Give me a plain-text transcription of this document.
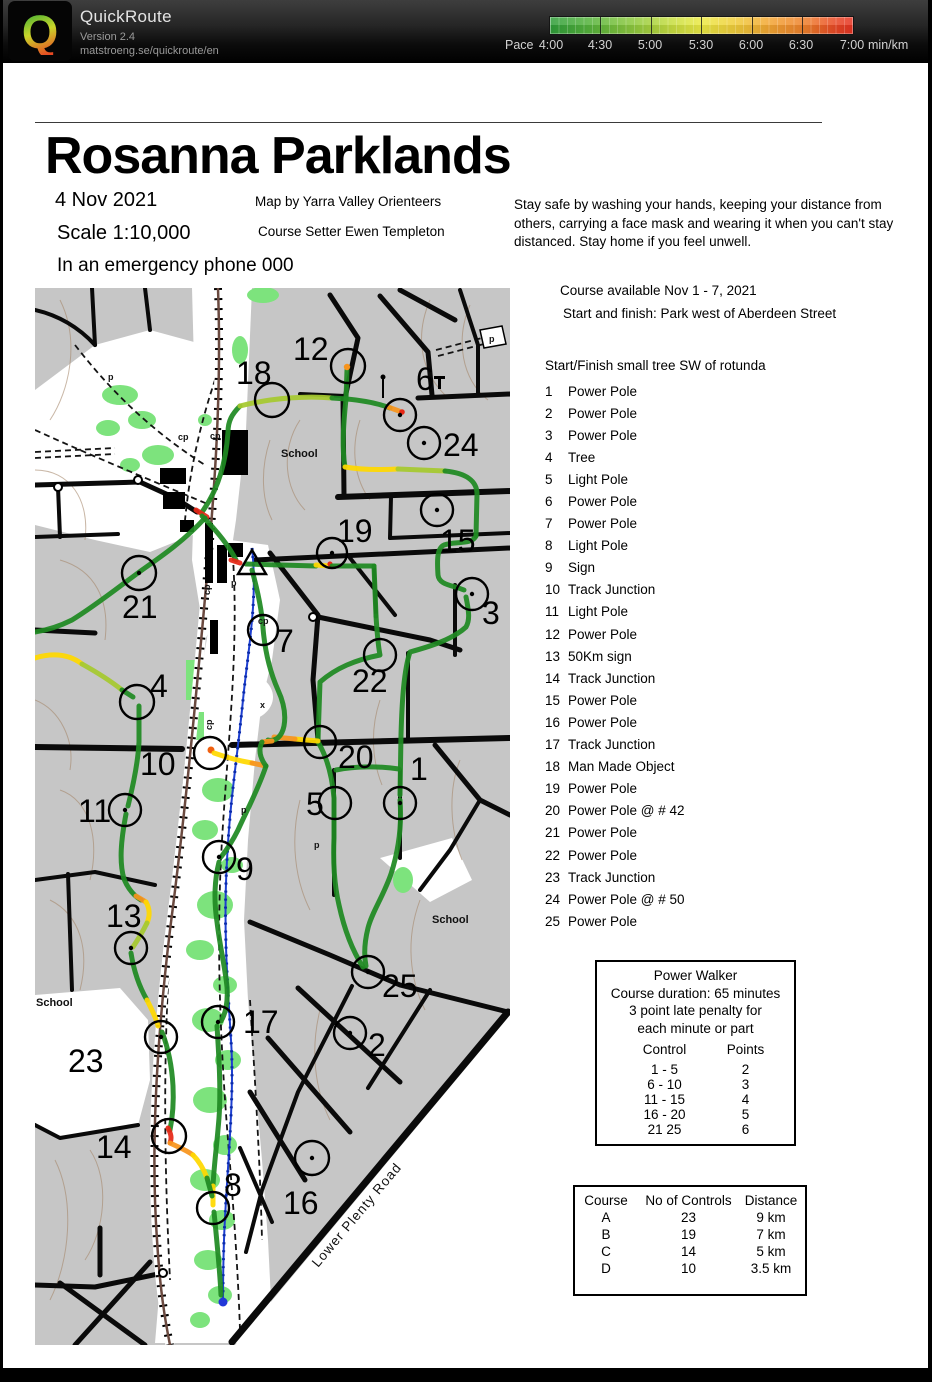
Q QuickRoute
Version 2.4
matstroeng.se/quickroute/en	Pace 4:00 4:30 5:00 5:30 6:00 6:30 7:00 min/km
Rosanna Parklands
4 Nov 2021
Scale 1:10,000
In an emergency phone 000
Map by Yarra Valley Orienteers
Course Setter Ewen Templeton
Stay safe by washing your hands, keeping your distance from others, carrying a face mask and wearing it when you can't stay distanced. Stay home if you feel unwell.
Course available Nov 1 - 7, 2021
Start and finish: Park west of Aberdeen Street
Start/Finish small tree SW of rotunda
1	Power Pole
2	Power Pole
3	Power Pole
4	Tree
5	Light Pole
6	Power Pole
7	Power Pole
8	Light Pole
9	Sign
10 Track Junction
11 Light Pole
12 Power Pole
13 50Km sign
14 Track Junction
15 Power Pole
16 Power Pole
17 Track Junction
18 Man Made Object
19 Power Pole
20 Power Pole @ # 42
21 Power Pole
22 Power Pole
23 Track Junction
24 Power Pole @ # 50
25 Power Pole
Power Walker
Course duration: 65 minutes
3 point late penalty for
each minute or part
Control	Points
1 - 5	2
6 - 10	3
11 - 15	4
16 - 20	5
21 25	6
Course	No of Controls Distance
A	23	9 km
B	19	7 km
C	14	5 km
D	10	3.5 km
1
2
3
4
5
6
7
8
9
10
11
12
13
14
15
16
17
18
19
20
21
22
23
24
25
School
School
School
Lower Plenty Road
cp cp
cp
cp
cp
p
p
p
p
x
p
